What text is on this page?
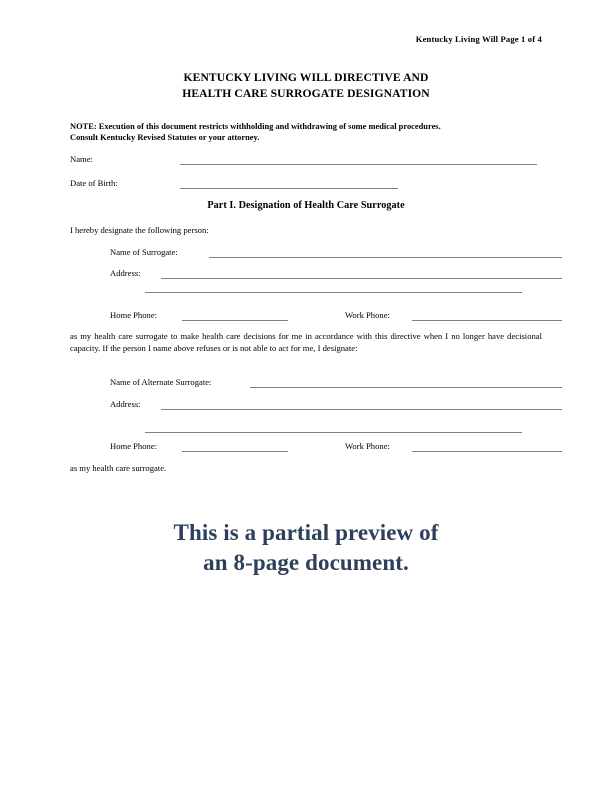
Kentucky Living Will Page 1 of 4
KENTUCKY LIVING WILL DIRECTIVE AND
HEALTH CARE SURROGATE DESIGNATION
NOTE: Execution of this document restricts withholding and withdrawing of some medical procedures.
Consult Kentucky Revised Statutes or your attorney.
Name:
Date of Birth:
Part I. Designation of Health Care Surrogate
I hereby designate the following person:
Name of Surrogate:
Address:
Home Phone:	Work Phone:
as my health care surrogate to make health care decisions for me in accordance with this directive when I no longer have decisional capacity. If the person I name above refuses or is not able to act for me, I designate:
Name of Alternate Surrogate:
Address:
Home Phone:	Work Phone:
as my health care surrogate.
This is a partial preview of
an 8-page document.
